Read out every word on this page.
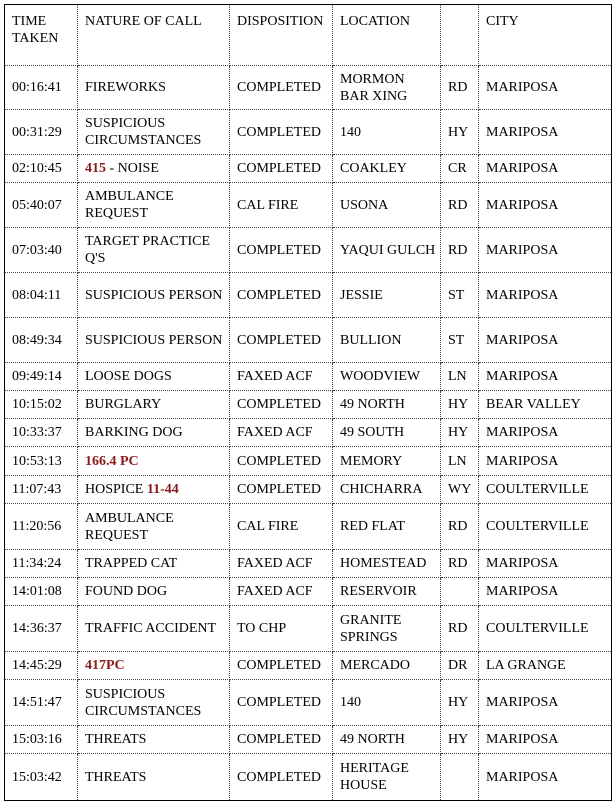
TIME TAKEN	NATURE OF CALL	DISPOSITION	LOCATION		CITY
00:16:41	FIREWORKS	COMPLETED	MORMON BAR XING	RD	MARIPOSA
00:31:29	SUSPICIOUS CIRCUMSTANCES	COMPLETED	140	HY	MARIPOSA
02:10:45	415 - NOISE	COMPLETED	COAKLEY	CR	MARIPOSA
05:40:07	AMBULANCE REQUEST	CAL FIRE	USONA	RD	MARIPOSA
07:03:40	TARGET PRACTICE Q'S	COMPLETED	YAQUI GULCH	RD	MARIPOSA
08:04:11	SUSPICIOUS PERSON	COMPLETED	JESSIE	ST	MARIPOSA
08:49:34	SUSPICIOUS PERSON	COMPLETED	BULLION	ST	MARIPOSA
09:49:14	LOOSE DOGS	FAXED ACF	WOODVIEW	LN	MARIPOSA
10:15:02	BURGLARY	COMPLETED	49 NORTH	HY	BEAR VALLEY
10:33:37	BARKING DOG	FAXED ACF	49 SOUTH	HY	MARIPOSA
10:53:13	166.4 PC	COMPLETED	MEMORY	LN	MARIPOSA
11:07:43	HOSPICE 11-44	COMPLETED	CHICHARRA	WY	COULTERVILLE
11:20:56	AMBULANCE REQUEST	CAL FIRE	RED FLAT	RD	COULTERVILLE
11:34:24	TRAPPED CAT	FAXED ACF	HOMESTEAD	RD	MARIPOSA
14:01:08	FOUND DOG	FAXED ACF	RESERVOIR		MARIPOSA
14:36:37	TRAFFIC ACCIDENT	TO CHP	GRANITE SPRINGS	RD	COULTERVILLE
14:45:29	417PC	COMPLETED	MERCADO	DR	LA GRANGE
14:51:47	SUSPICIOUS CIRCUMSTANCES	COMPLETED	140	HY	MARIPOSA
15:03:16	THREATS	COMPLETED	49 NORTH	HY	MARIPOSA
15:03:42	THREATS	COMPLETED	HERITAGE HOUSE		MARIPOSA
